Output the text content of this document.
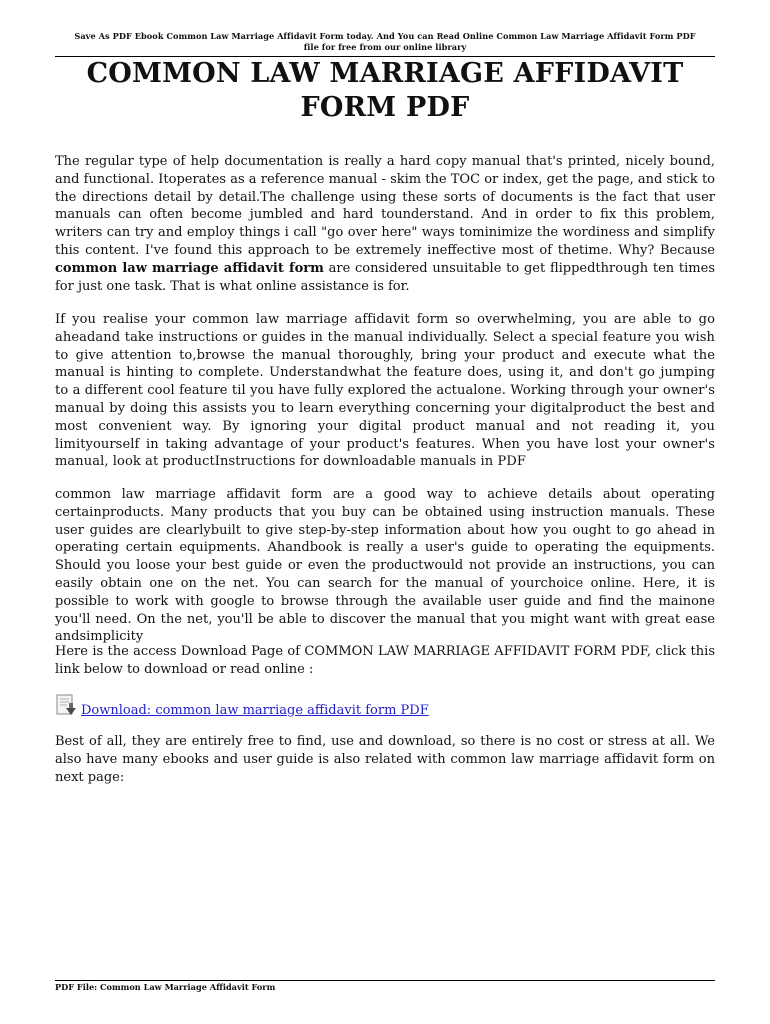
Save As PDF Ebook Common Law Marriage Affidavit Form today. And You can Read Online Common Law Marriage Affidavit Form PDF
file for free from our online library
COMMON LAW MARRIAGE AFFIDAVIT
FORM PDF

The regular type of help documentation is really a hard copy manual that's printed, nicely bound, and functional. Itoperates as a reference manual - skim the TOC or index, get the page, and stick to the directions detail by detail.The challenge using these sorts of documents is the fact that user manuals can often become jumbled and hard tounderstand. And in order to fix this problem, writers can try and employ things i call "go over here" ways tominimize the wordiness and simplify this content. I've found this approach to be extremely ineffective most of thetime. Why? Because common law marriage affidavit form are considered unsuitable to get flippedthrough ten times for just one task. That is what online assistance is for.

If you realise your common law marriage affidavit form so overwhelming, you are able to go aheadand take instructions or guides in the manual individually. Select a special feature you wish to give attention to,browse the manual thoroughly, bring your product and execute what the manual is hinting to complete. Understandwhat the feature does, using it, and don't go jumping to a different cool feature til you have fully explored the actualone. Working through your owner's manual by doing this assists you to learn everything concerning your digitalproduct the best and most convenient way. By ignoring your digital product manual and not reading it, you limityourself in taking advantage of your product's features. When you have lost your owner's manual, look at productInstructions for downloadable manuals in PDF

common law marriage affidavit form are a good way to achieve details about operating certainproducts. Many products that you buy can be obtained using instruction manuals. These user guides are clearlybuilt to give step-by-step information about how you ought to go ahead in operating certain equipments. Ahandbook is really a user's guide to operating the equipments. Should you loose your best guide or even the productwould not provide an instructions, you can easily obtain one on the net. You can search for the manual of yourchoice online. Here, it is possible to work with google to browse through the available user guide and find the mainone you'll need. On the net, you'll be able to discover the manual that you might want with great ease andsimplicity

Here is the access Download Page of COMMON LAW MARRIAGE AFFIDAVIT FORM PDF, click this link below to download or read online :

Download: common law marriage affidavit form PDF

Best of all, they are entirely free to find, use and download, so there is no cost or stress at all. We also have many ebooks and user guide is also related with common law marriage affidavit form on next page:

PDF File: Common Law Marriage Affidavit Form
